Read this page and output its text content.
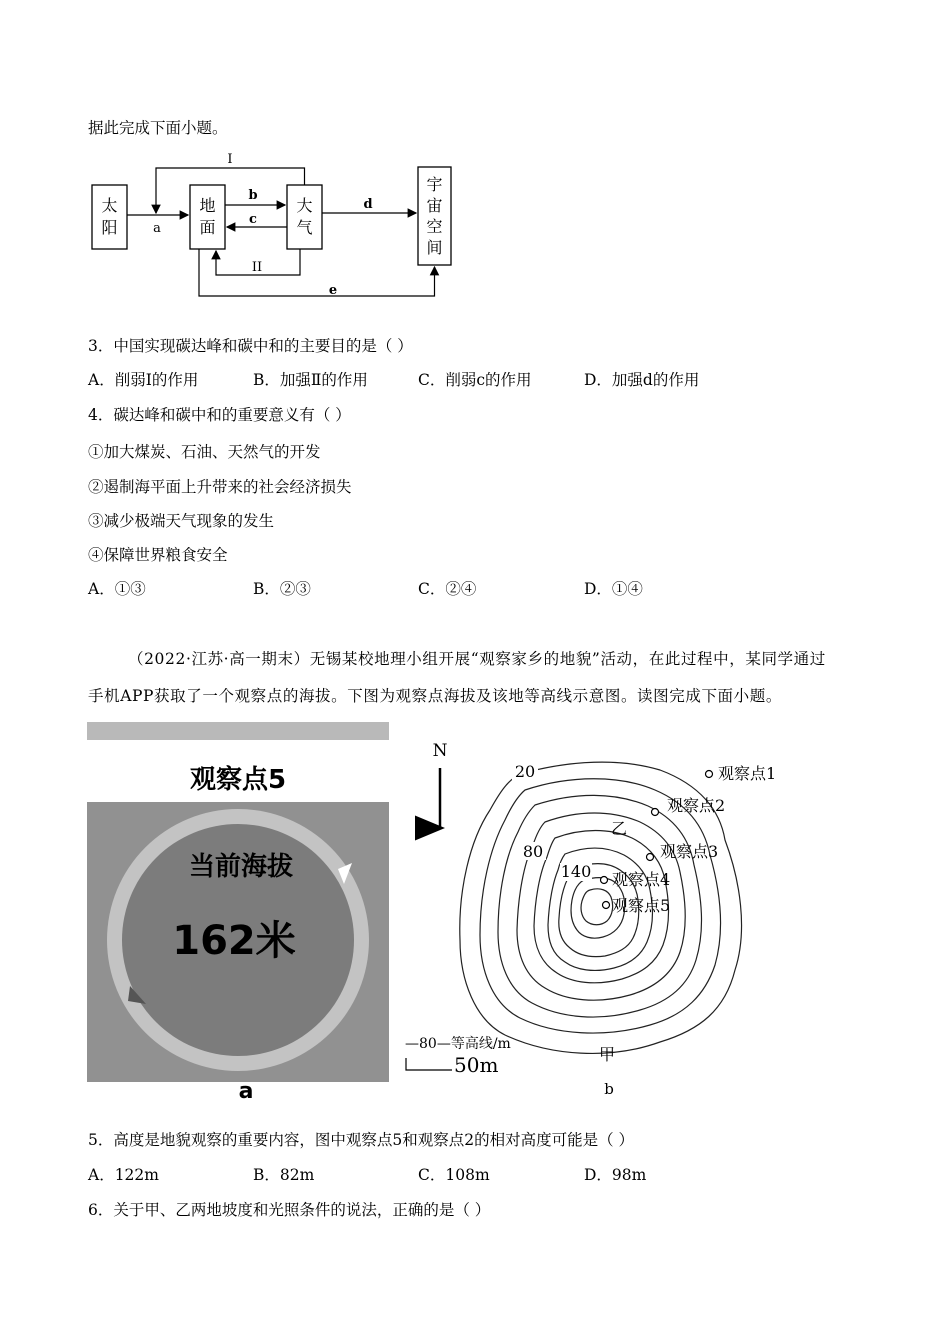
据此完成下面小题。
太
阳
地
面
大
气
宇
宙
空
间
a
I
b
c
d
II
e
3．中国实现碳达峰和碳中和的主要目的是（ ）
A．削弱Ⅰ的作用	B．加强Ⅱ的作用	C．削弱c的作用	D．加强d的作用
4．碳达峰和碳中和的重要意义有（ ）
①加大煤炭、石油、天然气的开发
②遏制海平面上升带来的社会经济损失
③减少极端天气现象的发生
④保障世界粮食安全
A．①③	B．②③	C．②④	D．①④
（2022·江苏·高一期末）无锡某校地理小组开展“观察家乡的地貌”活动，在此过程中，某同学通过
手机APP获取了一个观察点的海拔。下图为观察点海拔及该地等高线示意图。读图完成下面小题。
观察点5
当前海拔
162米
a
N
20
80
140
观察点1
观察点2
观察点3
观察点4
观察点5
乙
甲
—80—等高线/m
50m
b
5．高度是地貌观察的重要内容，图中观察点5和观察点2的相对高度可能是（ ）
A．122m	B．82m	C．108m	D．98m
6．关于甲、乙两地坡度和光照条件的说法，正确的是（ ）
